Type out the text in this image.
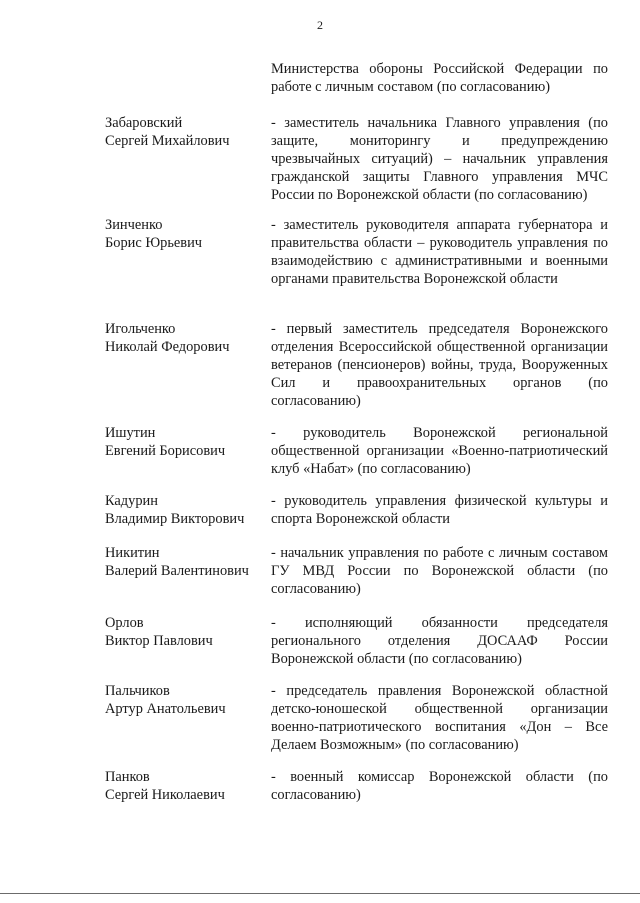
2
Министерства обороны Российской Федерации по работе с личным составом (по согласованию)
Забаровский
Сергей Михайлович
- заместитель начальника Главного управления (по защите, мониторингу и предупреждению чрезвычайных ситуаций) – начальник управления гражданской защиты Главного управления МЧС России по Воронежской области (по согласованию)
Зинченко
Борис Юрьевич
- заместитель руководителя аппарата губернатора и правительства области – руководитель управления по взаимодействию с административными и военными органами правительства Воронежской области
Игольченко
Николай Федорович
- первый заместитель председателя Воронежского отделения Всероссийской общественной организации ветеранов (пенсионеров) войны, труда, Вооруженных Сил и правоохранительных органов (по согласованию)
Ишутин
Евгений Борисович
- руководитель Воронежской региональной общественной организации «Военно-патриотический клуб «Набат» (по согласованию)
Кадурин
Владимир Викторович
- руководитель управления физической культуры и спорта Воронежской области
Никитин
Валерий Валентинович
- начальник управления по работе с личным составом ГУ МВД России по Воронежской области (по согласованию)
Орлов
Виктор Павлович
- исполняющий обязанности председателя регионального отделения ДОСААФ России Воронежской области (по согласованию)
Пальчиков
Артур Анатольевич
- председатель правления Воронежской областной детско-юношеской общественной организации военно-патриотического воспитания «Дон – Все Делаем Возможным» (по согласованию)
Панков
Сергей Николаевич
- военный комиссар Воронежской области (по согласованию)
